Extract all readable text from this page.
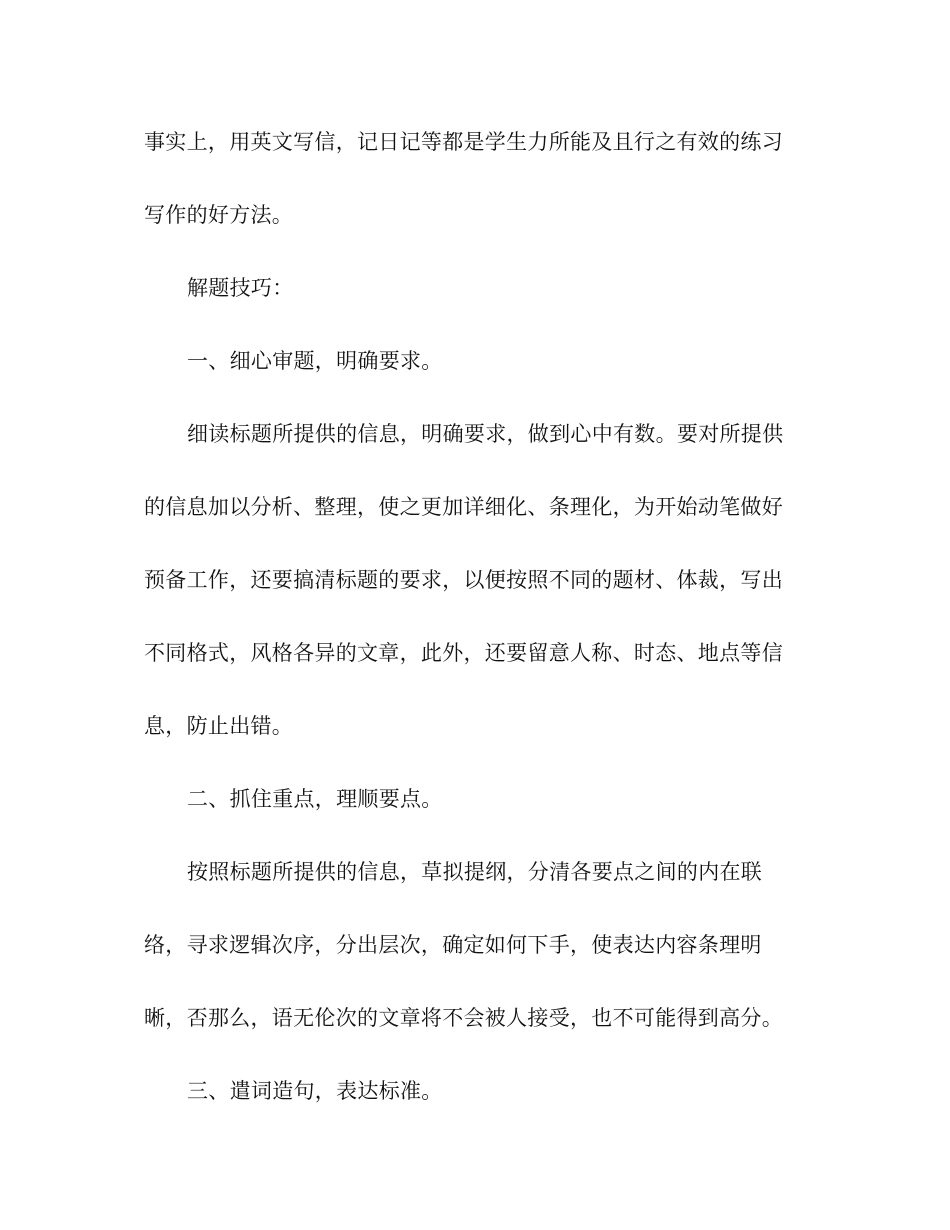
事实上，用英文写信，记日记等都是学生力所能及且行之有效的练习
写作的好方法。
解题技巧：
一、细心审题，明确要求。
细读标题所提供的信息，明确要求，做到心中有数。要对所提供
的信息加以分析、整理，使之更加详细化、条理化，为开始动笔做好
预备工作，还要搞清标题的要求，以便按照不同的题材、体裁，写出
不同格式，风格各异的文章，此外，还要留意人称、时态、地点等信
息，防止出错。
二、抓住重点，理顺要点。
按照标题所提供的信息，草拟提纲，分清各要点之间的内在联
络，寻求逻辑次序，分出层次，确定如何下手，使表达内容条理明
晰，否那么，语无伦次的文章将不会被人接受，也不可能得到高分。
三、遣词造句，表达标准。
